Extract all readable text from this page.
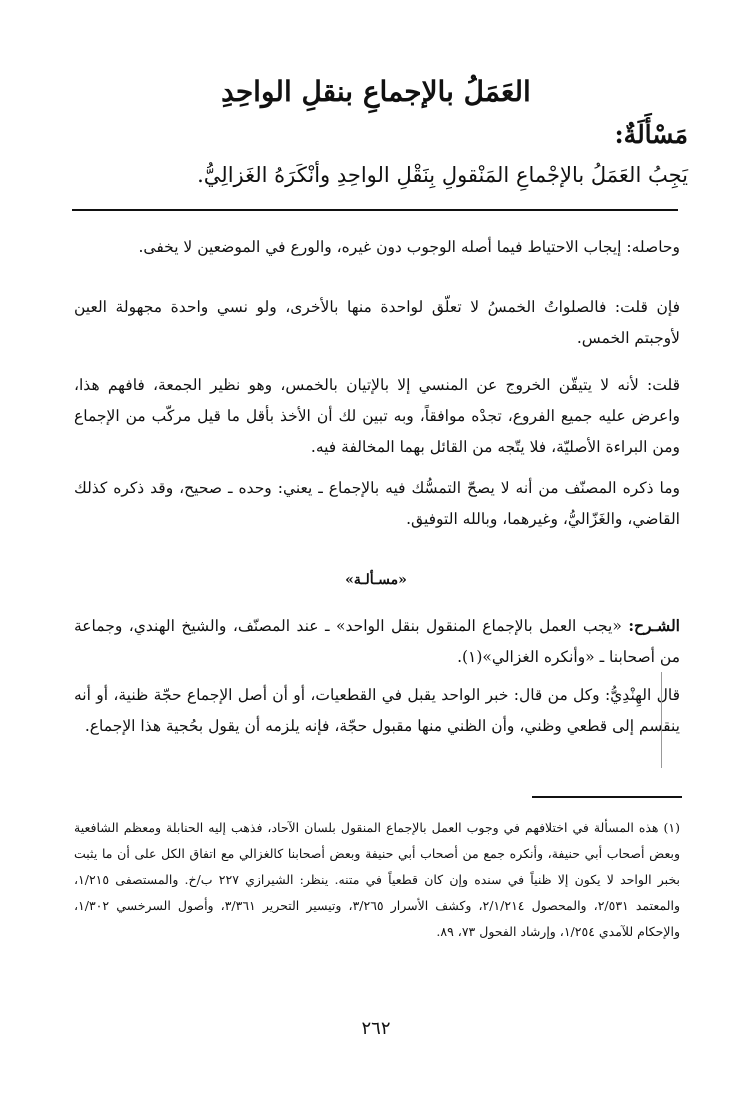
العَمَلُ بالإجماعِ بنقلِ الواحِدِ
مَسْأَلَةٌ:
يَجِبُ العَمَلُ بالإجْماعِ المَنْقولِ بِنَقْلِ الواحِدِ وأنْكَرَهُ الغَزالِيُّ.
وحاصله: إيجاب الاحتياط فيما أصله الوجوب دون غيره، والورع في الموضعين لا يخفى.
فإن قلت: فالصلواتُ الخمسُ لا تعلّق لواحدة منها بالأخرى، ولو نسي واحدة مجهولة العين لأوجبتم الخمس.
قلت: لأنه لا يتيقّن الخروج عن المنسي إلا بالإتيان بالخمس، وهو نظير الجمعة، فافهم هذا، واعرض عليه جميع الفروع، تجدْه موافقاً، وبه تبين لك أن الأخذ بأقل ما قيل مركّب من الإجماع ومن البراءة الأصليّة، فلا يتّجه من القائل بهما المخالفة فيه.
وما ذكره المصنّف من أنه لا يصحّ التمسُّك فيه بالإجماع ـ يعني: وحده ـ صحيح، وقد ذكره كذلك القاضي، والغَزّاليُّ، وغيرهما، وبالله التوفيق.
«مسـألـة»
الشـرح: «يجب العمل بالإجماع المنقول بنقل الواحد» ـ عند المصنّف، والشيخ الهندي، وجماعة من أصحابنا ـ «وأنكره الغزالي»(١).
قال الهِنْدِيُّ: وكل من قال: خبر الواحد يقبل في القطعيات، أو أن أصل الإجماع حجّة ظنية، أو أنه ينقسم إلى قطعي وظني، وأن الظني منها مقبول حجّة، فإنه يلزمه أن يقول بحُجية هذا الإجماع.
(١) هذه المسألة في اختلافهم في وجوب العمل بالإجماع المنقول بلسان الآحاد، فذهب إليه الحنابلة ومعظم الشافعية وبعض أصحاب أبي حنيفة، وأنكره جمع من أصحاب أبي حنيفة وبعض أصحابنا كالغزالي مع اتفاق الكل على أن ما يثبت بخبر الواحد لا يكون إلا ظنياً في سنده وإن كان قطعياً في متنه. ينظر: الشيرازي ٢٢٧ ب/خ. والمستصفى ١/٢١٥، والمعتمد ٢/٥٣١، والمحصول ٢/١/٢١٤، وكشف الأسرار ٣/٢٦٥، وتيسير التحرير ٣/٣٦١، وأصول السرخسي ١/٣٠٢، والإحكام للآمدي ١/٢٥٤، وإرشاد الفحول ٧٣، ٨٩.
٢٦٢
